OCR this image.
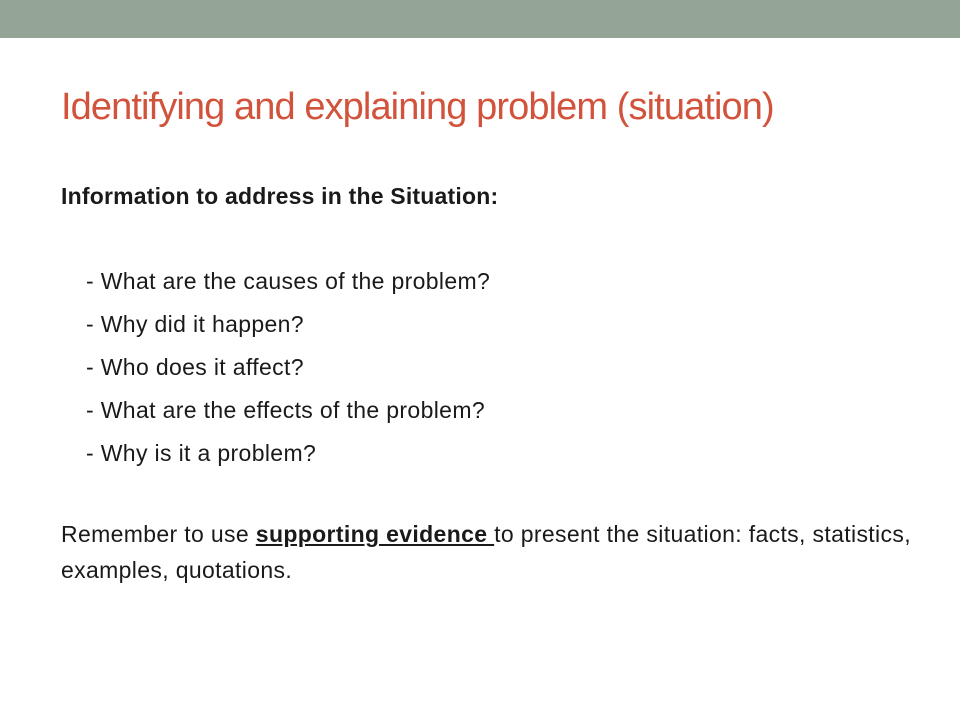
Identifying and explaining problem (situation)

Information to address in the Situation:

- What are the causes of the problem?
- Why did it happen?
- Who does it affect?
- What are the effects of the problem?
- Why is it a problem?

Remember to use supporting evidence to present the situation: facts, statistics, examples, quotations.
